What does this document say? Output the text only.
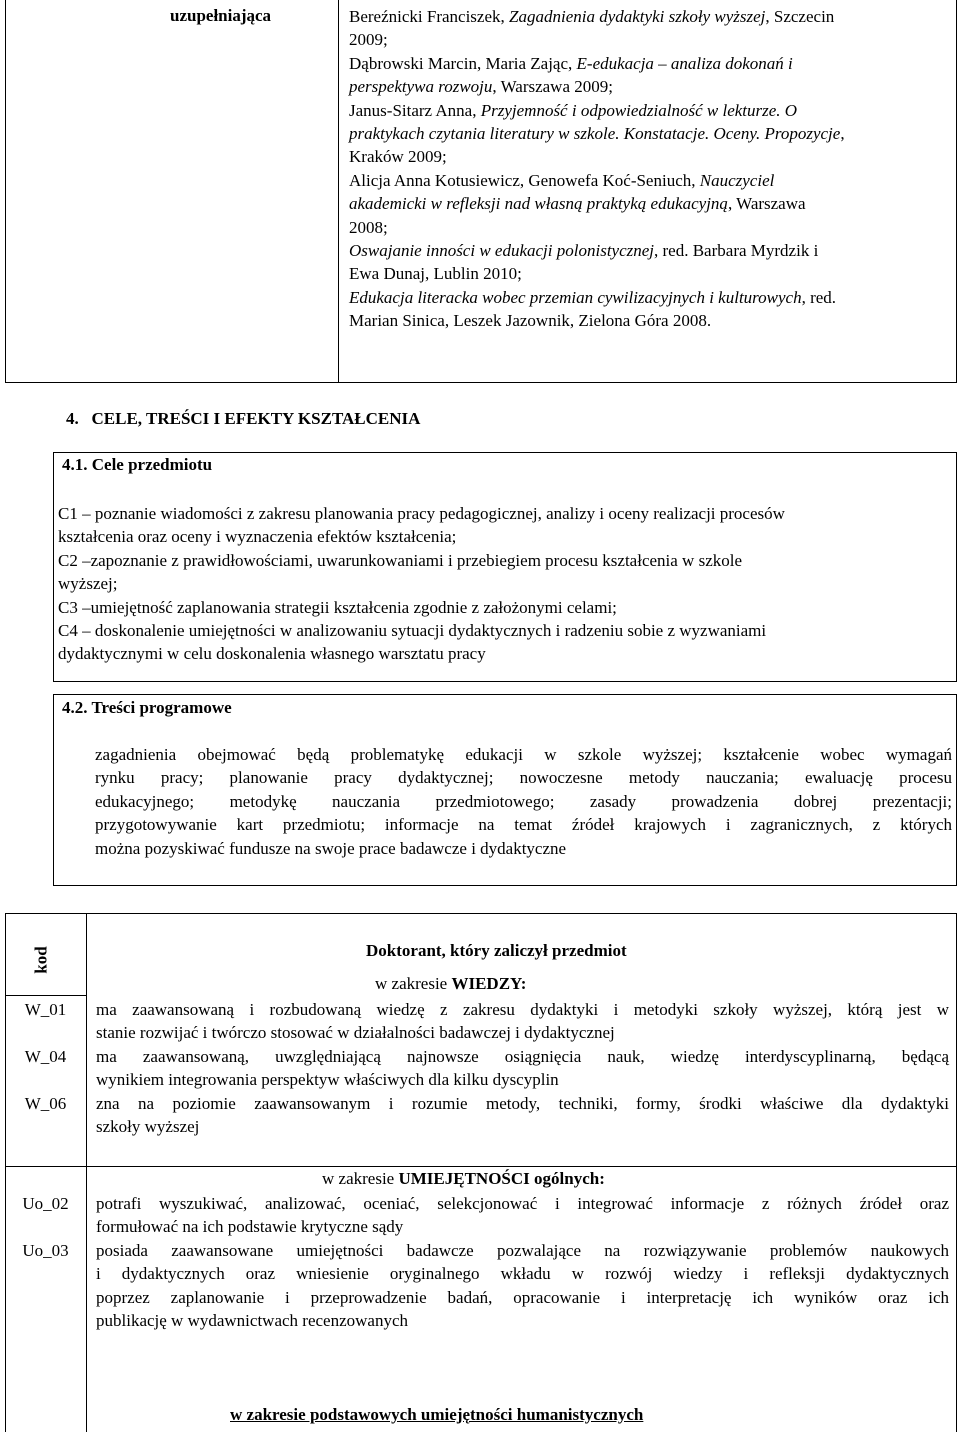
uzupełniająca	Bereźnicki Franciszek, Zagadnienia dydaktyki szkoły wyższej, Szczecin
2009;
Dąbrowski Marcin, Maria Zając, E-edukacja – analiza dokonań i
perspektywa rozwoju, Warszawa 2009;
Janus-Sitarz Anna, Przyjemność i odpowiedzialność w lekturze. O
praktykach czytania literatury w szkole. Konstatacje. Oceny. Propozycje,
Kraków 2009;
Alicja Anna Kotusiewicz, Genowefa Koć-Seniuch, Nauczyciel
akademicki w refleksji nad własną praktyką edukacyjną, Warszawa
2008;
Oswajanie inności w edukacji polonistycznej, red. Barbara Myrdzik i
Ewa Dunaj, Lublin 2010;
Edukacja literacka wobec przemian cywilizacyjnych i kulturowych, red.
Marian Sinica, Leszek Jazownik, Zielona Góra 2008.
4.   CELE, TREŚCI I EFEKTY KSZTAŁCENIA
4.1. Cele przedmiotu
C1 – poznanie wiadomości z zakresu planowania pracy pedagogicznej, analizy i oceny realizacji procesów
kształcenia oraz oceny i wyznaczenia efektów kształcenia;
C2 –zapoznanie z prawidłowościami, uwarunkowaniami i przebiegiem procesu kształcenia w szkole
wyższej;
C3 –umiejętność zaplanowania strategii kształcenia zgodnie z założonymi celami;
C4 – doskonalenie umiejętności w analizowaniu sytuacji dydaktycznych i radzeniu sobie z wyzwaniami
dydaktycznymi w celu doskonalenia własnego warsztatu pracy
4.2. Treści programowe
zagadnienia obejmować będą problematykę edukacji w szkole wyższej; kształcenie wobec wymagań
rynku pracy; planowanie pracy dydaktycznej; nowoczesne metody nauczania; ewaluację procesu
edukacyjnego; metodykę nauczania przedmiotowego; zasady prowadzenia dobrej prezentacji;
przygotowywanie kart przedmiotu; informacje na temat źródeł krajowych i zagranicznych, z których
można pozyskiwać fundusze na swoje prace badawcze i dydaktyczne
kod	Doktorant, który zaliczył przedmiot
w zakresie WIEDZY:
W_01	ma zaawansowaną i rozbudowaną wiedzę z zakresu dydaktyki i metodyki szkoły wyższej, którą jest w
stanie rozwijać i twórczo stosować w działalności badawczej i dydaktycznej
W_04	ma zaawansowaną, uwzględniającą najnowsze osiągnięcia nauk, wiedzę interdyscyplinarną, będącą
wynikiem integrowania perspektyw właściwych dla kilku dyscyplin
W_06	zna na poziomie zaawansowanym i rozumie metody, techniki, formy, środki właściwe dla dydaktyki
szkoły wyższej
w zakresie UMIEJĘTNOŚCI ogólnych:
Uo_02	potrafi wyszukiwać, analizować, oceniać, selekcjonować i integrować informacje z różnych źródeł oraz
formułować na ich podstawie krytyczne sądy
Uo_03	posiada zaawansowane umiejętności badawcze pozwalające na rozwiązywanie problemów naukowych
i dydaktycznych oraz wniesienie oryginalnego wkładu w rozwój wiedzy i refleksji dydaktycznych
poprzez zaplanowanie i przeprowadzenie badań, opracowanie i interpretację ich wyników oraz ich
publikację w wydawnictwach recenzowanych
w zakresie podstawowych umiejętności humanistycznych
